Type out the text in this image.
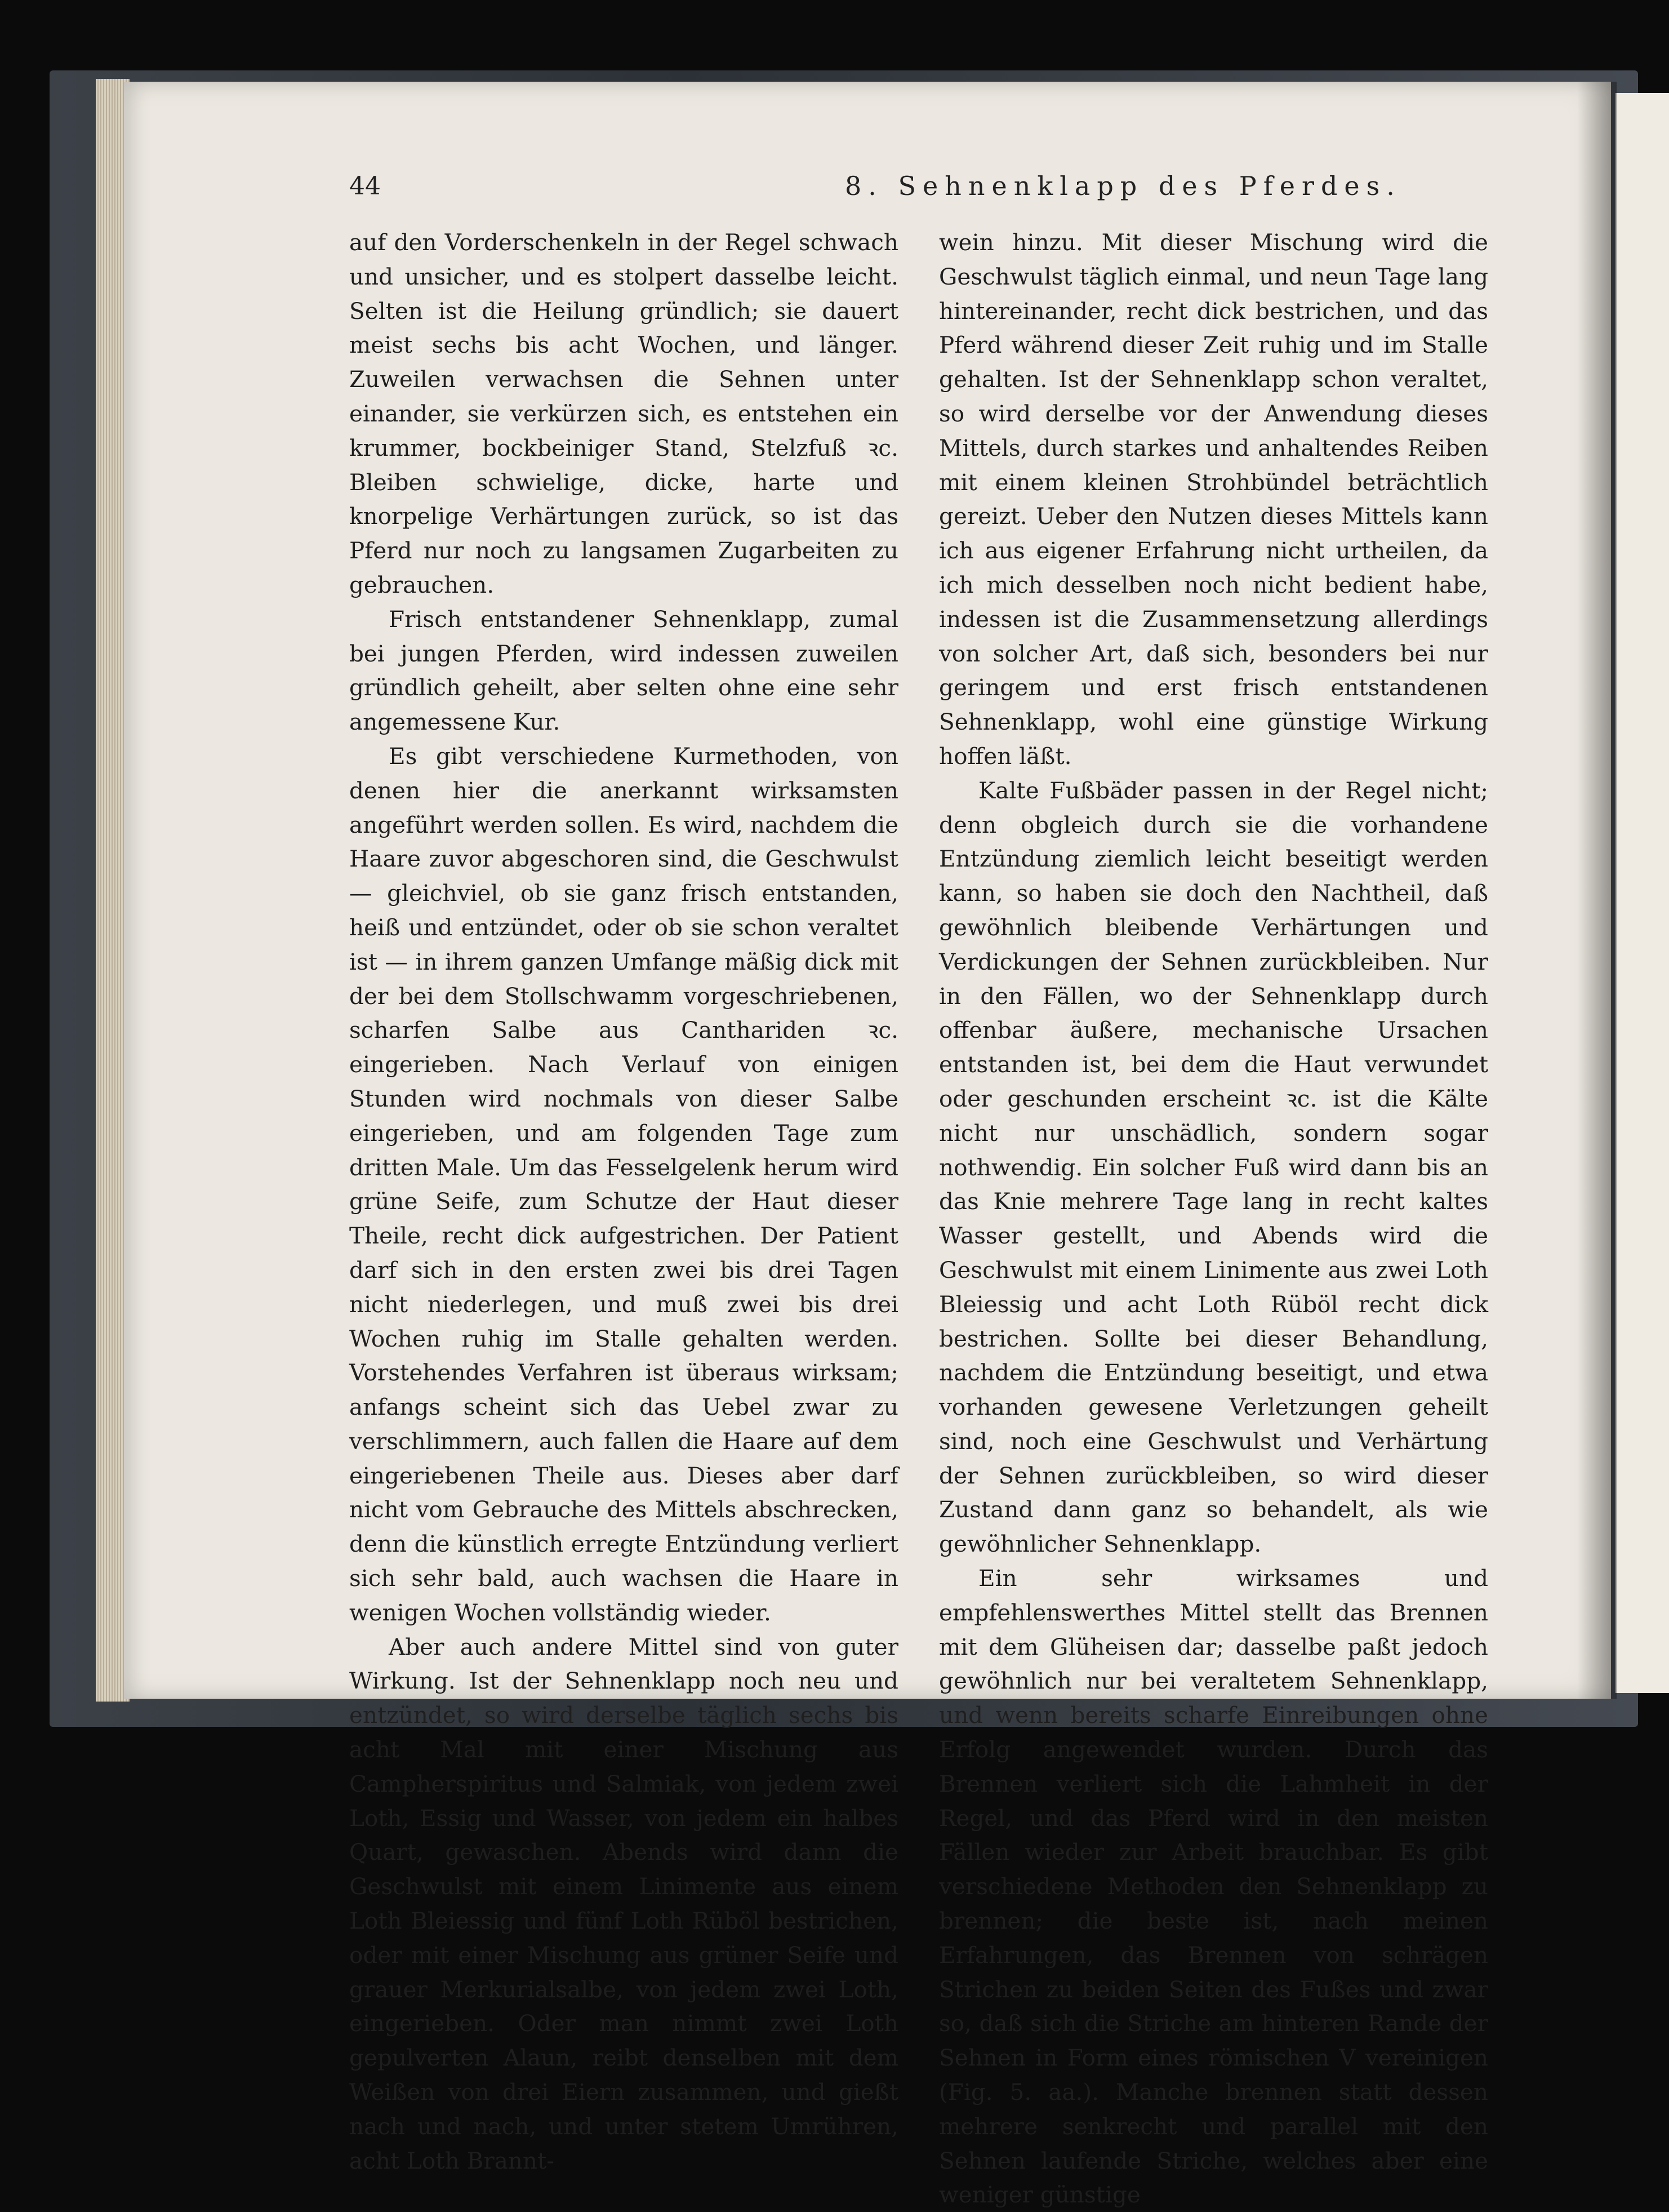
44	8. Sehnenklapp des Pferdes.

auf den Vorderschenkeln in der Regel schwach und unsicher, und es stolpert dasselbe leicht. Selten ist die Heilung gründlich; sie dauert meist sechs bis acht Wochen, und länger. Zuweilen verwachsen die Sehnen unter einander, sie verkürzen sich, es entstehen ein krummer, bockbeiniger Stand, Stelzfuß ꝛc. Bleiben schwielige, dicke, harte und knorpelige Verhärtungen zurück, so ist das Pferd nur noch zu langsamen Zugarbeiten zu gebrauchen.

Frisch entstandener Sehnenklapp, zumal bei jungen Pferden, wird indessen zuweilen gründlich geheilt, aber selten ohne eine sehr angemessene Kur.

Es gibt verschiedene Kurmethoden, von denen hier die anerkannt wirksamsten angeführt werden sollen. Es wird, nachdem die Haare zuvor abgeschoren sind, die Geschwulst — gleichviel, ob sie ganz frisch entstanden, heiß und entzündet, oder ob sie schon veraltet ist — in ihrem ganzen Umfange mäßig dick mit der bei dem Stollschwamm vorgeschriebenen, scharfen Salbe aus Canthariden ꝛc. eingerieben. Nach Verlauf von einigen Stunden wird nochmals von dieser Salbe eingerieben, und am folgenden Tage zum dritten Male. Um das Fesselgelenk herum wird grüne Seife, zum Schutze der Haut dieser Theile, recht dick aufgestrichen. Der Patient darf sich in den ersten zwei bis drei Tagen nicht niederlegen, und muß zwei bis drei Wochen ruhig im Stalle gehalten werden. Vorstehendes Verfahren ist überaus wirksam; anfangs scheint sich das Uebel zwar zu verschlimmern, auch fallen die Haare auf dem eingeriebenen Theile aus. Dieses aber darf nicht vom Gebrauche des Mittels abschrecken, denn die künstlich erregte Entzündung verliert sich sehr bald, auch wachsen die Haare in wenigen Wochen vollständig wieder.

Aber auch andere Mittel sind von guter Wirkung. Ist der Sehnenklapp noch neu und entzündet, so wird derselbe täglich sechs bis acht Mal mit einer Mischung aus Campherspiritus und Salmiak, von jedem zwei Loth, Essig und Wasser, von jedem ein halbes Quart, gewaschen. Abends wird dann die Geschwulst mit einem Linimente aus einem Loth Bleiessig und fünf Loth Rüböl bestrichen, oder mit einer Mischung aus grüner Seife und grauer Merkurialsalbe, von jedem zwei Loth, eingerieben. Oder man nimmt zwei Loth gepulverten Alaun, reibt denselben mit dem Weißen von drei Eiern zusammen, und gießt nach und nach, und unter stetem Umrühren, acht Loth Brannt-

wein hinzu. Mit dieser Mischung wird die Geschwulst täglich einmal, und neun Tage lang hintereinander, recht dick bestrichen, und das Pferd während dieser Zeit ruhig und im Stalle gehalten. Ist der Sehnenklapp schon veraltet, so wird derselbe vor der Anwendung dieses Mittels, durch starkes und anhaltendes Reiben mit einem kleinen Strohbündel beträchtlich gereizt. Ueber den Nutzen dieses Mittels kann ich aus eigener Erfahrung nicht urtheilen, da ich mich desselben noch nicht bedient habe, indessen ist die Zusammensetzung allerdings von solcher Art, daß sich, besonders bei nur geringem und erst frisch entstandenen Sehnenklapp, wohl eine günstige Wirkung hoffen läßt.

Kalte Fußbäder passen in der Regel nicht; denn obgleich durch sie die vorhandene Entzündung ziemlich leicht beseitigt werden kann, so haben sie doch den Nachtheil, daß gewöhnlich bleibende Verhärtungen und Verdickungen der Sehnen zurückbleiben. Nur in den Fällen, wo der Sehnenklapp durch offenbar äußere, mechanische Ursachen entstanden ist, bei dem die Haut verwundet oder geschunden erscheint ꝛc. ist die Kälte nicht nur unschädlich, sondern sogar nothwendig. Ein solcher Fuß wird dann bis an das Knie mehrere Tage lang in recht kaltes Wasser gestellt, und Abends wird die Geschwulst mit einem Linimente aus zwei Loth Bleiessig und acht Loth Rüböl recht dick bestrichen. Sollte bei dieser Behandlung, nachdem die Entzündung beseitigt, und etwa vorhanden gewesene Verletzungen geheilt sind, noch eine Geschwulst und Verhärtung der Sehnen zurückbleiben, so wird dieser Zustand dann ganz so behandelt, als wie gewöhnlicher Sehnenklapp.

Ein sehr wirksames und empfehlenswerthes Mittel stellt das Brennen mit dem Glüheisen dar; dasselbe paßt jedoch gewöhnlich nur bei veraltetem Sehnenklapp, und wenn bereits scharfe Einreibungen ohne Erfolg angewendet wurden. Durch das Brennen verliert sich die Lahmheit in der Regel, und das Pferd wird in den meisten Fällen wieder zur Arbeit brauchbar. Es gibt verschiedene Methoden den Sehnenklapp zu brennen; die beste ist, nach meinen Erfahrungen, das Brennen von schrägen Strichen zu beiden Seiten des Fußes und zwar so, daß sich die Striche am hinteren Rande der Sehnen in Form eines römischen V vereinigen (Fig. 5. aa.). Manche brennen statt dessen mehrere senkrecht und parallel mit den Sehnen laufende Striche, welches aber eine weniger günstige
